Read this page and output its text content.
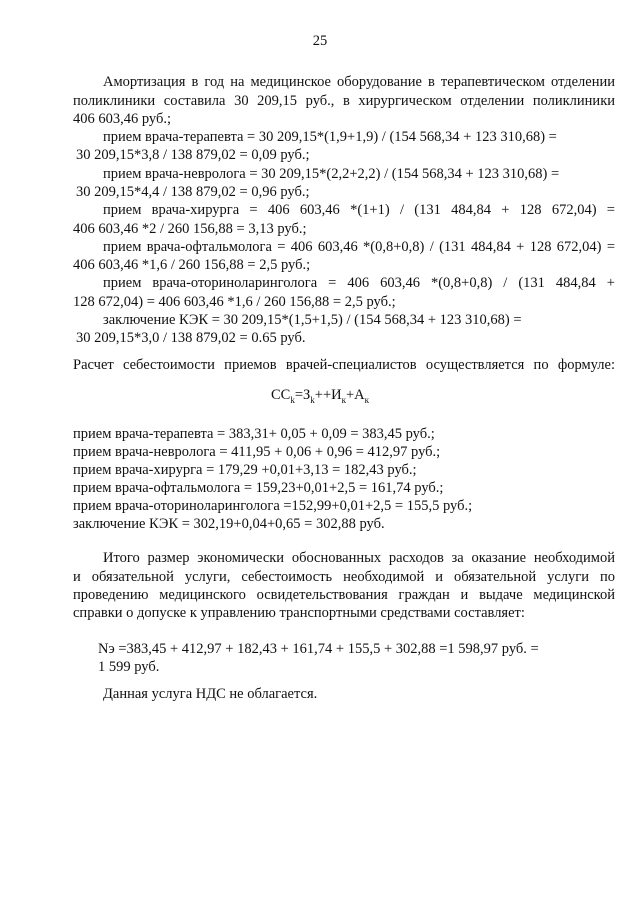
25
Амортизация в год на медицинское оборудование в терапевтическом отделении
поликлиники составила 30 209,15 руб., в хирургическом отделении поликлиники
406 603,46 руб.;
прием врача-терапевта = 30 209,15*(1,9+1,9) / (154 568,34 + 123 310,68) =
30 209,15*3,8 / 138 879,02 = 0,09 руб.;
прием врача-невролога = 30 209,15*(2,2+2,2) / (154 568,34 + 123 310,68) =
30 209,15*4,4 / 138 879,02 = 0,96 руб.;
прием врача-хирурга = 406 603,46 *(1+1) / (131 484,84 + 128 672,04) =
406 603,46 *2 / 260 156,88 = 3,13 руб.;
прием врача-офтальмолога = 406 603,46 *(0,8+0,8) / (131 484,84 + 128 672,04) =
406 603,46 *1,6 / 260 156,88 = 2,5 руб.;
прием врача-оториноларинголога = 406 603,46 *(0,8+0,8) / (131 484,84 +
128 672,04) = 406 603,46 *1,6 / 260 156,88 = 2,5 руб.;
заключение КЭК = 30 209,15*(1,5+1,5) / (154 568,34 + 123 310,68) =
30 209,15*3,0 / 138 879,02 = 0.65 руб.
Расчет себестоимости приемов врачей-специалистов осуществляется по формуле:
$СС_k=З_k++И_к+А_к$
прием врача-терапевта = 383,31+ 0,05 + 0,09 = 383,45 руб.;
прием врача-невролога = 411,95 + 0,06 + 0,96 = 412,97 руб.;
прием врача-хирурга = 179,29 +0,01+3,13 = 182,43 руб.;
прием врача-офтальмолога = 159,23+0,01+2,5 = 161,74 руб.;
прием врача-оториноларинголога =152,99+0,01+2,5 = 155,5 руб.;
заключение КЭК = 302,19+0,04+0,65 = 302,88 руб.
Итого размер экономически обоснованных расходов за оказание необходимой
и обязательной услуги, себестоимость необходимой и обязательной услуги по
проведению медицинского освидетельствования граждан и выдаче медицинской
справки о допуске к управлению транспортными средствами составляет:
Nэ =383,45 + 412,97 + 182,43 + 161,74 + 155,5 + 302,88 =1 598,97 руб. =
1 599 руб.
Данная услуга НДС не облагается.
